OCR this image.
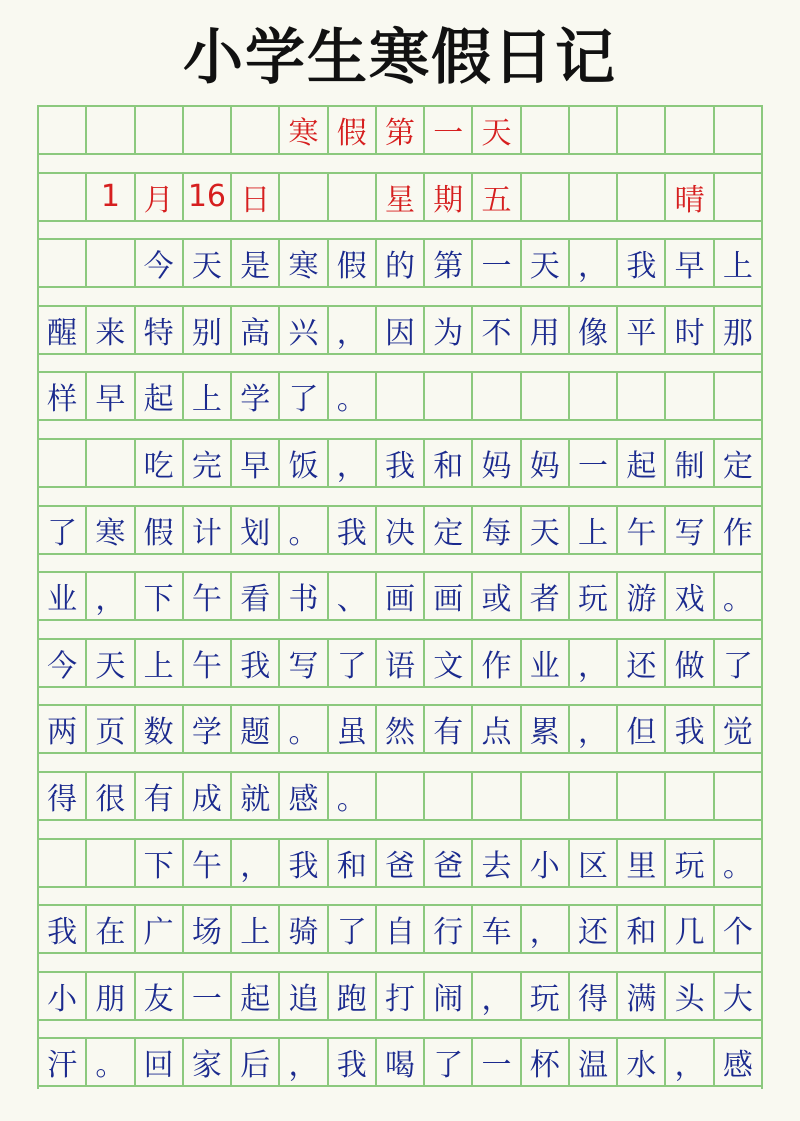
小学生寒假日记
寒 假 第 一 天
1 月 16 日	星 期 五	晴
今 天 是 寒 假 的 第 一 天 ， 我 早 上
醒 来 特 别 高 兴 ， 因 为 不 用 像 平 时 那
样 早 起 上 学 了 。
吃 完 早 饭 ， 我 和 妈 妈 一 起 制 定
了 寒 假 计 划 。 我 决 定 每 天 上 午 写 作
业 ， 下 午 看 书 、 画 画 或 者 玩 游 戏 。
今 天 上 午 我 写 了 语 文 作 业 ， 还 做 了
两 页 数 学 题 。 虽 然 有 点 累 ， 但 我 觉
得 很 有 成 就 感 。
下 午 ， 我 和 爸 爸 去 小 区 里 玩 。
我 在 广 场 上 骑 了 自 行 车 ， 还 和 几 个
小 朋 友 一 起 追 跑 打 闹 ， 玩 得 满 头 大
汗 。 回 家 后 ， 我 喝 了 一 杯 温 水 ， 感
